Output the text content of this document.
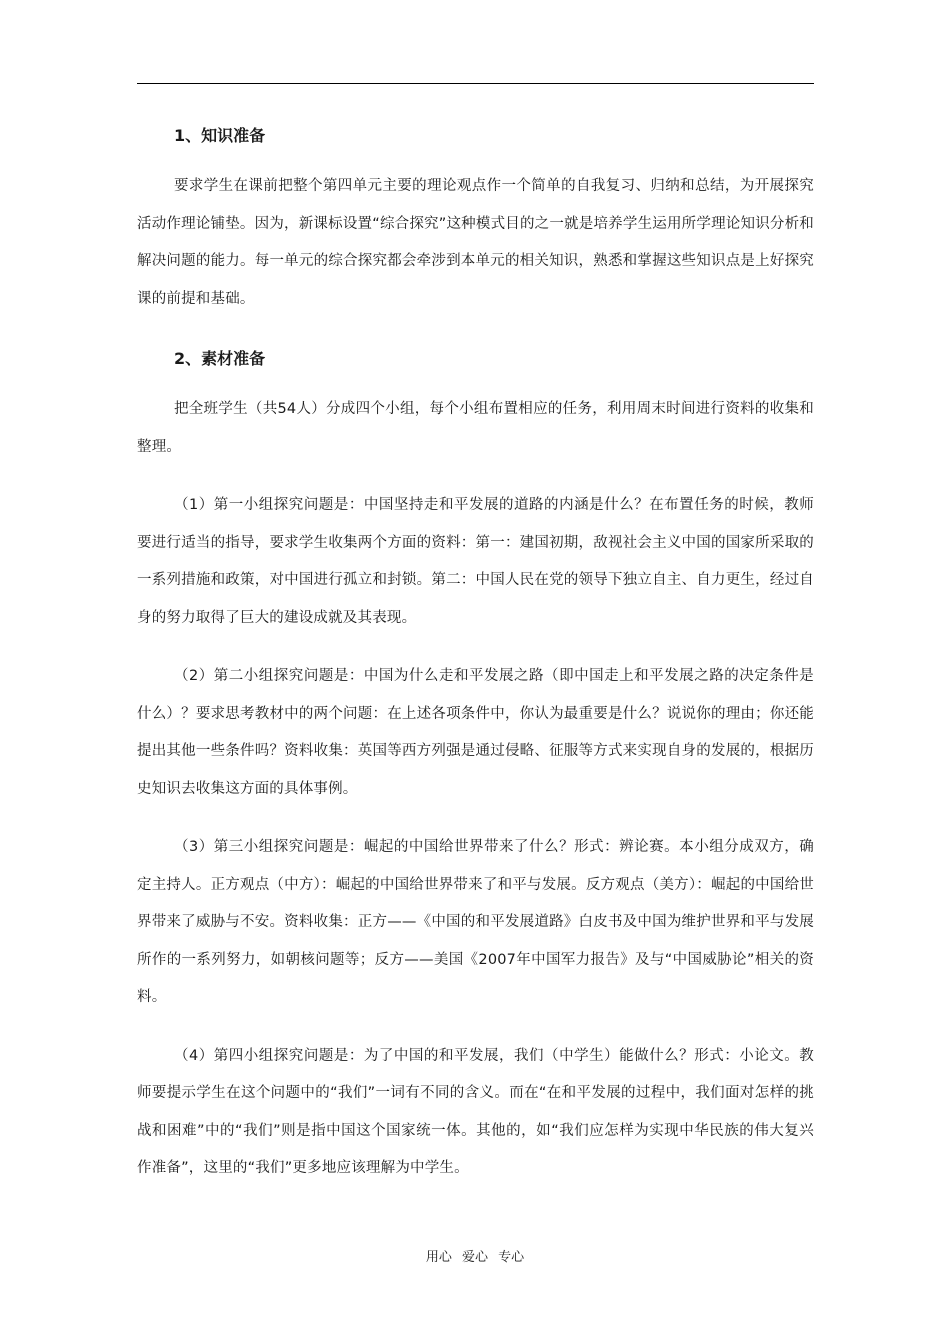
1、知识准备

要求学生在课前把整个第四单元主要的理论观点作一个简单的自我复习、归纳和总结，为开展探究活动作理论铺垫。因为，新课标设置“综合探究”这种模式目的之一就是培养学生运用所学理论知识分析和解决问题的能力。每一单元的综合探究都会牵涉到本单元的相关知识，熟悉和掌握这些知识点是上好探究课的前提和基础。

2、素材准备

把全班学生（共54人）分成四个小组，每个小组布置相应的任务，利用周末时间进行资料的收集和整理。

（1）第一小组探究问题是：中国坚持走和平发展的道路的内涵是什么？在布置任务的时候，教师要进行适当的指导，要求学生收集两个方面的资料：第一：建国初期，敌视社会主义中国的国家所采取的一系列措施和政策，对中国进行孤立和封锁。第二：中国人民在党的领导下独立自主、自力更生，经过自身的努力取得了巨大的建设成就及其表现。

（2）第二小组探究问题是：中国为什么走和平发展之路（即中国走上和平发展之路的决定条件是什么）？要求思考教材中的两个问题：在上述各项条件中，你认为最重要是什么？说说你的理由；你还能提出其他一些条件吗？资料收集：英国等西方列强是通过侵略、征服等方式来实现自身的发展的，根据历史知识去收集这方面的具体事例。

（3）第三小组探究问题是：崛起的中国给世界带来了什么？形式：辨论赛。本小组分成双方，确定主持人。正方观点（中方）：崛起的中国给世界带来了和平与发展。反方观点（美方）：崛起的中国给世界带来了威胁与不安。资料收集：正方——《中国的和平发展道路》白皮书及中国为维护世界和平与发展所作的一系列努力，如朝核问题等；反方——美国《2007年中国军力报告》及与“中国威胁论”相关的资料。

（4）第四小组探究问题是：为了中国的和平发展，我们（中学生）能做什么？形式：小论文。教师要提示学生在这个问题中的“我们”一词有不同的含义。而在“在和平发展的过程中，我们面对怎样的挑战和困难”中的“我们”则是指中国这个国家统一体。其他的，如“我们应怎样为实现中华民族的伟大复兴作准备”，这里的“我们”更多地应该理解为中学生。

用心 爱心 专心
